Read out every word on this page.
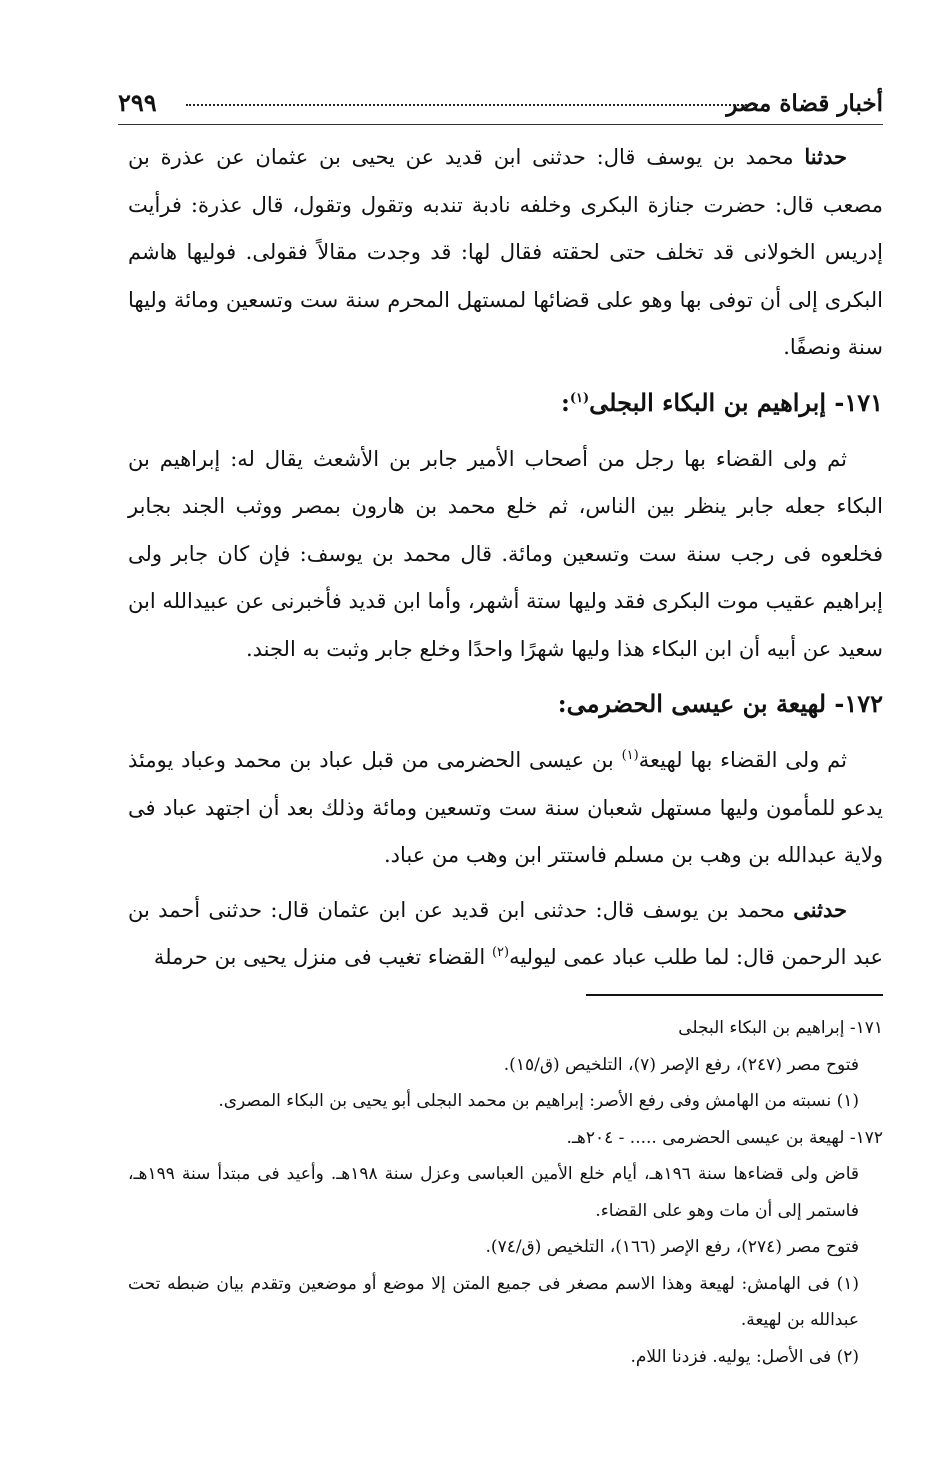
أخبار قضاة مصر
٢٩٩

حدثنا محمد بن يوسف قال: حدثنى ابن قديد عن يحيى بن عثمان عن عذرة بن مصعب قال: حضرت جنازة البكرى وخلفه نادبة تندبه وتقول وتقول، قال عذرة: فرأيت إدريس الخولانى قد تخلف حتى لحقته فقال لها: قد وجدت مقالاً فقولى. فوليها هاشم البكرى إلى أن توفى بها وهو على قضائها لمستهل المحرم سنة ست وتسعين ومائة وليها سنة ونصفًا.

١٧١- إبراهيم بن البكاء البجلى$^{(١)}$:

ثم ولى القضاء بها رجل من أصحاب الأمير جابر بن الأشعث يقال له: إبراهيم بن البكاء جعله جابر ينظر بين الناس، ثم خلع محمد بن هارون بمصر ووثب الجند بجابر فخلعوه فى رجب سنة ست وتسعين ومائة. قال محمد بن يوسف: فإن كان جابر ولى إبراهيم عقيب موت البكرى فقد وليها ستة أشهر، وأما ابن قديد فأخبرنى عن عبيدالله ابن سعيد عن أبيه أن ابن البكاء هذا وليها شهرًا واحدًا وخلع جابر وثبت به الجند.

١٧٢- لهيعة بن عيسى الحضرمى:

ثم ولى القضاء بها لهيعة$^{(١)}$ بن عيسى الحضرمى من قبل عباد بن محمد وعباد يومئذ يدعو للمأمون وليها مستهل شعبان سنة ست وتسعين ومائة وذلك بعد أن اجتهد عباد فى ولاية عبدالله بن وهب بن مسلم فاستتر ابن وهب من عباد.

حدثنى محمد بن يوسف قال: حدثنى ابن قديد عن ابن عثمان قال: حدثنى أحمد بن عبد الرحمن قال: لما طلب عباد عمى ليوليه$^{(٢)}$ القضاء تغيب فى منزل يحيى بن حرملة

١٧١- إبراهيم بن البكاء البجلى

فتوح مصر (٢٤٧)، رفع الإصر (٧)، التلخيص (ق/١٥).

(١) نسبته من الهامش وفى رفع الأصر: إبراهيم بن محمد البجلى أبو يحيى بن البكاء المصرى.

١٧٢- لهيعة بن عيسى الحضرمى ..... - ٢٠٤هـ.

قاض ولى قضاءها سنة ١٩٦هـ، أيام خلع الأمين العباسى وعزل سنة ١٩٨هـ. وأعيد فى مبتدأ سنة ١٩٩هـ، فاستمر إلى أن مات وهو على القضاء.

فتوح مصر (٢٧٤)، رفع الإصر (١٦٦)، التلخيص (ق/٧٤).

(١) فى الهامش: لهيعة وهذا الاسم مصغر فى جميع المتن إلا موضع أو موضعين وتقدم بيان ضبطه تحت عبدالله بن لهيعة.

(٢) فى الأصل: يوليه. فزدنا اللام.
